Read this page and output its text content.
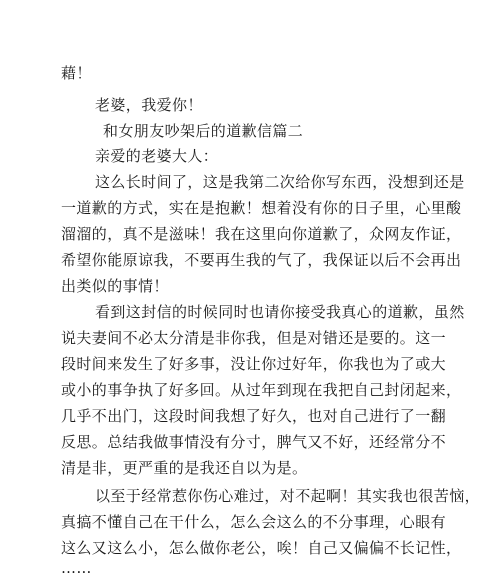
藉！
老婆，我爱你！
和女朋友吵架后的道歉信篇二
亲爱的老婆大人：
这么长时间了，这是我第二次给你写东西，没想到还是
一道歉的方式，实在是抱歉！想着没有你的日子里，心里酸
溜溜的，真不是滋味！我在这里向你道歉了，众网友作证，
希望你能原谅我，不要再生我的气了，我保证以后不会再出
出类似的事情！
看到这封信的时候同时也请你接受我真心的道歉，虽然
说夫妻间不必太分清是非你我，但是对错还是要的。这一
段时间来发生了好多事，没让你过好年，你我也为了或大
或小的事争执了好多回。从过年到现在我把自己封闭起来，
几乎不出门，这段时间我想了好久，也对自己进行了一翻
反思。总结我做事情没有分寸，脾气又不好，还经常分不
清是非，更严重的是我还自以为是。
以至于经常惹你伤心难过，对不起啊！其实我也很苦恼，
真搞不懂自己在干什么，怎么会这么的不分事理，心眼有
这么又这么小，怎么做你老公，唉！自己又偏偏不长记性，
……
